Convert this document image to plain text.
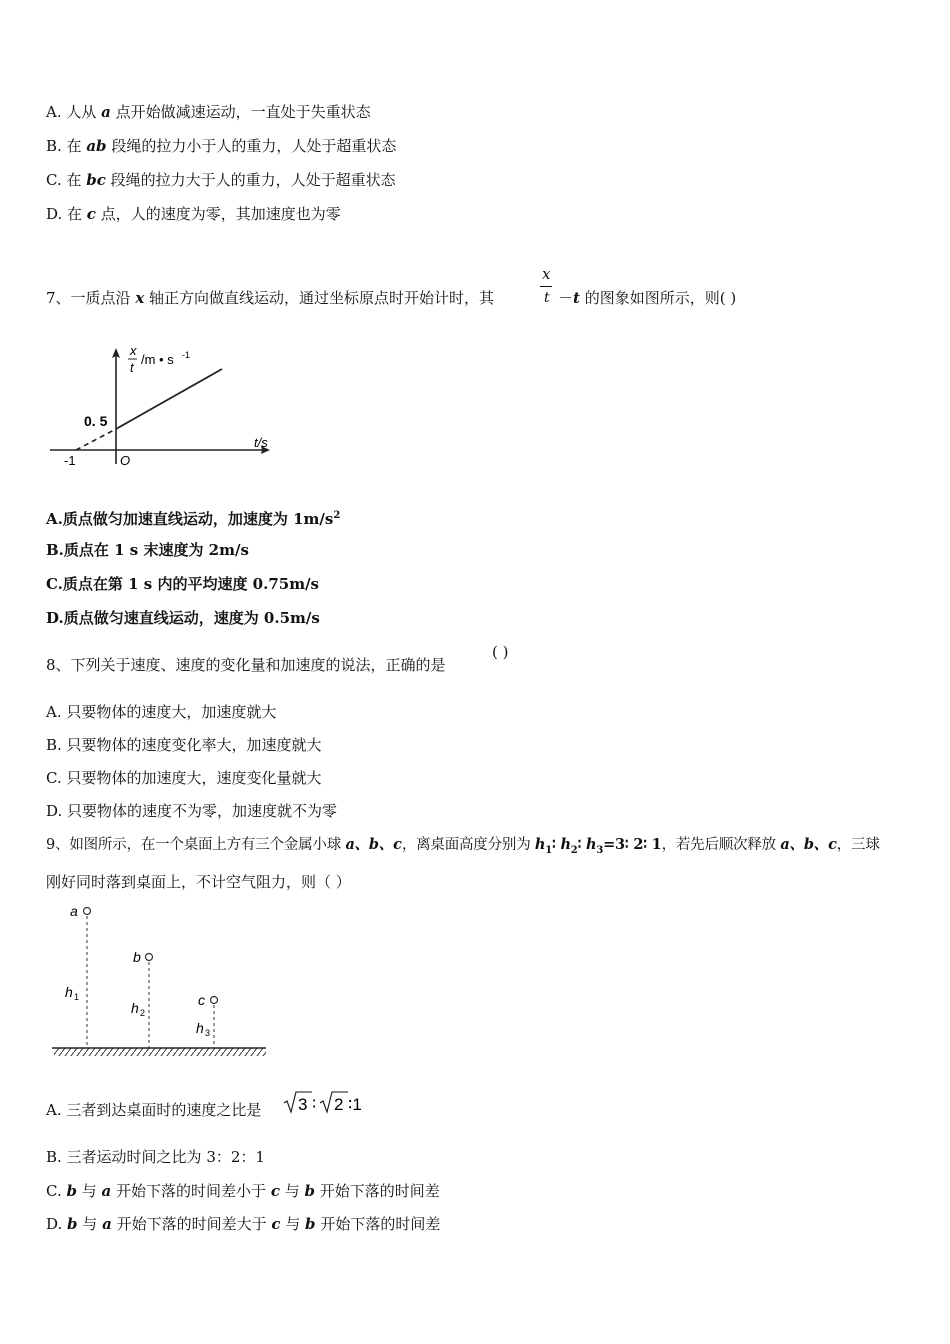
A. 人从 a 点开始做减速运动，一直处于失重状态
B. 在 ab 段绳的拉力小于人的重力，人处于超重状态
C. 在 bc 段绳的拉力大于人的重力，人处于超重状态
D. 在 c 点，人的速度为零，其加速度也为零
7、一质点沿 x 轴正方向做直线运动，通过坐标原点时开始计时，其
x
t －t 的图象如图所示，则( )
x
t
/m • s -1
t/s
0. 5
-1	O
A.质点做匀加速直线运动，加速度为 $1m/s^2$
B.质点在 1 s 末速度为 2m/s
C.质点在第 1 s 内的平均速度 0.75m/s
D.质点做匀速直线运动，速度为 0.5m/s
8、下列关于速度、速度的变化量和加速度的说法，正确的是
( )
A. 只要物体的速度大，加速度就大
B. 只要物体的速度变化率大，加速度就大
C. 只要物体的加速度大，速度变化量就大
D. 只要物体的速度不为零，加速度就不为零
9、如图所示，在一个桌面上方有三个金属小球 a、b、c，离桌面高度分别为 $h_1∶$ $h_2∶$ $h_3=3∶$ 2∶ 1，若先后顺次释放 a、b、c，三球
刚好同时落到桌面上，不计空气阻力，则（ ）
a
b
c
h 1
h 2
h 3
A. 三者到达桌面时的速度之比是 3 ∶ 2 ∶1
B. 三者运动时间之比为 3：2：1
C. b 与 a 开始下落的时间差小于 c 与 b 开始下落的时间差
D. b 与 a 开始下落的时间差大于 c 与 b 开始下落的时间差
